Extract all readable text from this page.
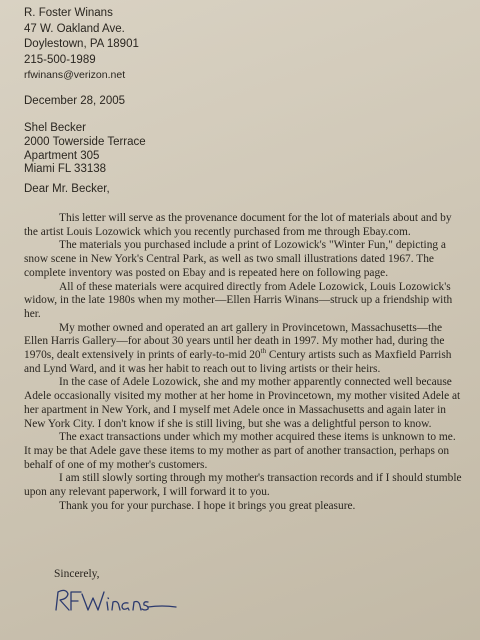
R. Foster Winans
47 W. Oakland Ave.
Doylestown, PA 18901
215-500-1989
rfwinans@verizon.net
December 28, 2005
Shel Becker
2000 Towerside Terrace
Apartment 305
Miami FL 33138
Dear Mr. Becker,

This letter will serve as the provenance document for the lot of materials about and by the artist Louis Lozowick which you recently purchased from me through Ebay.com.

The materials you purchased include a print of Lozowick's "Winter Fun," depicting a snow scene in New York's Central Park, as well as two small illustrations dated 1967. The complete inventory was posted on Ebay and is repeated here on following page.

All of these materials were acquired directly from Adele Lozowick, Louis Lozowick's widow, in the late 1980s when my mother—Ellen Harris Winans—struck up a friendship with her.

My mother owned and operated an art gallery in Provincetown, Massachusetts—the Ellen Harris Gallery—for about 30 years until her death in 1997. My mother had, during the 1970s, dealt extensively in prints of early-to-mid 20th Century artists such as Maxfield Parrish and Lynd Ward, and it was her habit to reach out to living artists or their heirs.

In the case of Adele Lozowick, she and my mother apparently connected well because Adele occasionally visited my mother at her home in Provincetown, my mother visited Adele at her apartment in New York, and I myself met Adele once in Massachusetts and again later in New York City. I don't know if she is still living, but she was a delightful person to know.

The exact transactions under which my mother acquired these items is unknown to me. It may be that Adele gave these items to my mother as part of another transaction, perhaps on behalf of one of my mother's customers.

I am still slowly sorting through my mother's transaction records and if I should stumble upon any relevant paperwork, I will forward it to you.

Thank you for your purchase. I hope it brings you great pleasure.

Sincerely,
